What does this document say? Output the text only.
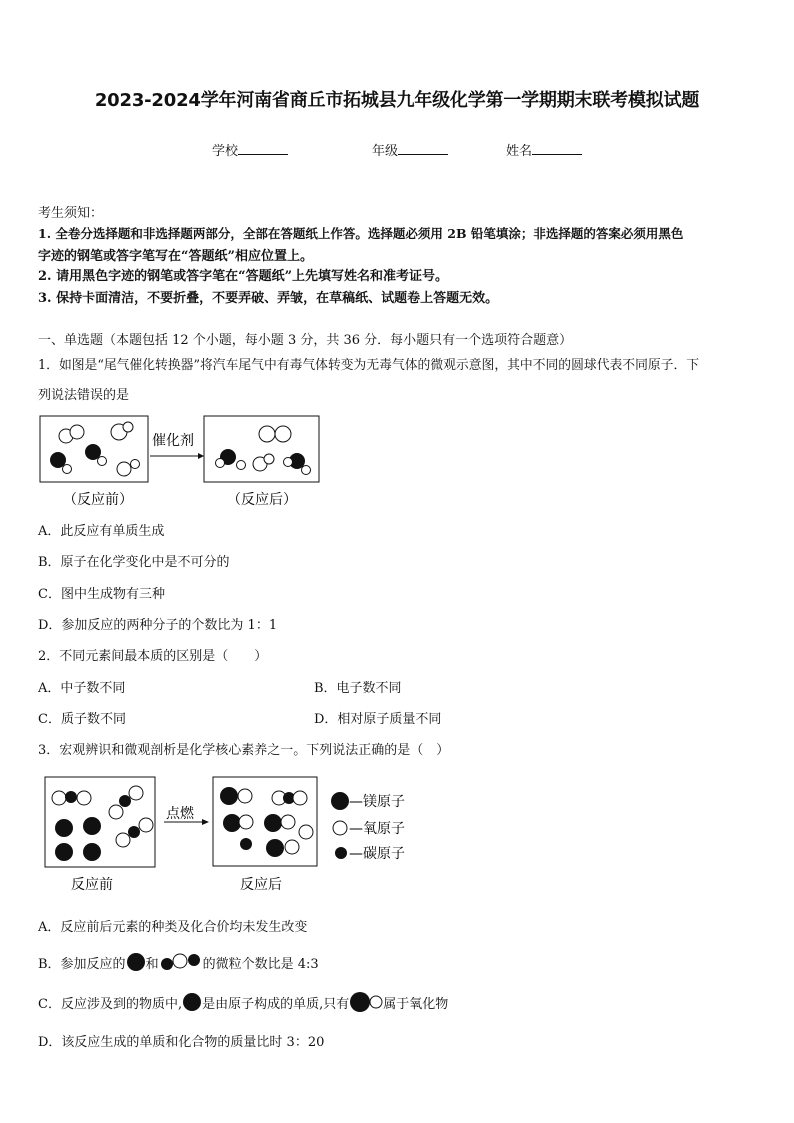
2023-2024学年河南省商丘市拓城县九年级化学第一学期期末联考模拟试题
学校	年级	姓名
考生须知：
1. 全卷分选择题和非选择题两部分，全部在答题纸上作答。选择题必须用 2B 铅笔填涂；非选择题的答案必须用黑色
字迹的钢笔或答字笔写在“答题纸”相应位置上。
2. 请用黑色字迹的钢笔或答字笔在“答题纸”上先填写姓名和准考证号。
3. 保持卡面清洁，不要折叠，不要弄破、弄皱，在草稿纸、试题卷上答题无效。
一、单选题（本题包括 12 个小题，每小题 3 分，共 36 分．每小题只有一个选项符合题意）
1．如图是“尾气催化转换器”将汽车尾气中有毒气体转变为无毒气体的微观示意图，其中不同的圆球代表不同原子．下
列说法错误的是
催化剂
（反应前）	（反应后）
A．此反应有单质生成
B．原子在化学变化中是不可分的
C．图中生成物有三种
D．参加反应的两种分子的个数比为 1：1
2．不同元素间最本质的区别是（　　）
A．中子数不同	B．电子数不同
C．质子数不同	D．相对原子质量不同
3．宏观辨识和微观剖析是化学核心素养之一。下列说法正确的是（　）
点燃
—镁原子
—氧原子
—碳原子
反应前	反应后
A．反应前后元素的种类及化合价均未发生改变
B．参加反应的 和	的微粒个数比是 4:3
C．反应涉及到的物质中, 是由原子构成的单质,只有	属于氧化物
D．该反应生成的单质和化合物的质量比时 3：20
